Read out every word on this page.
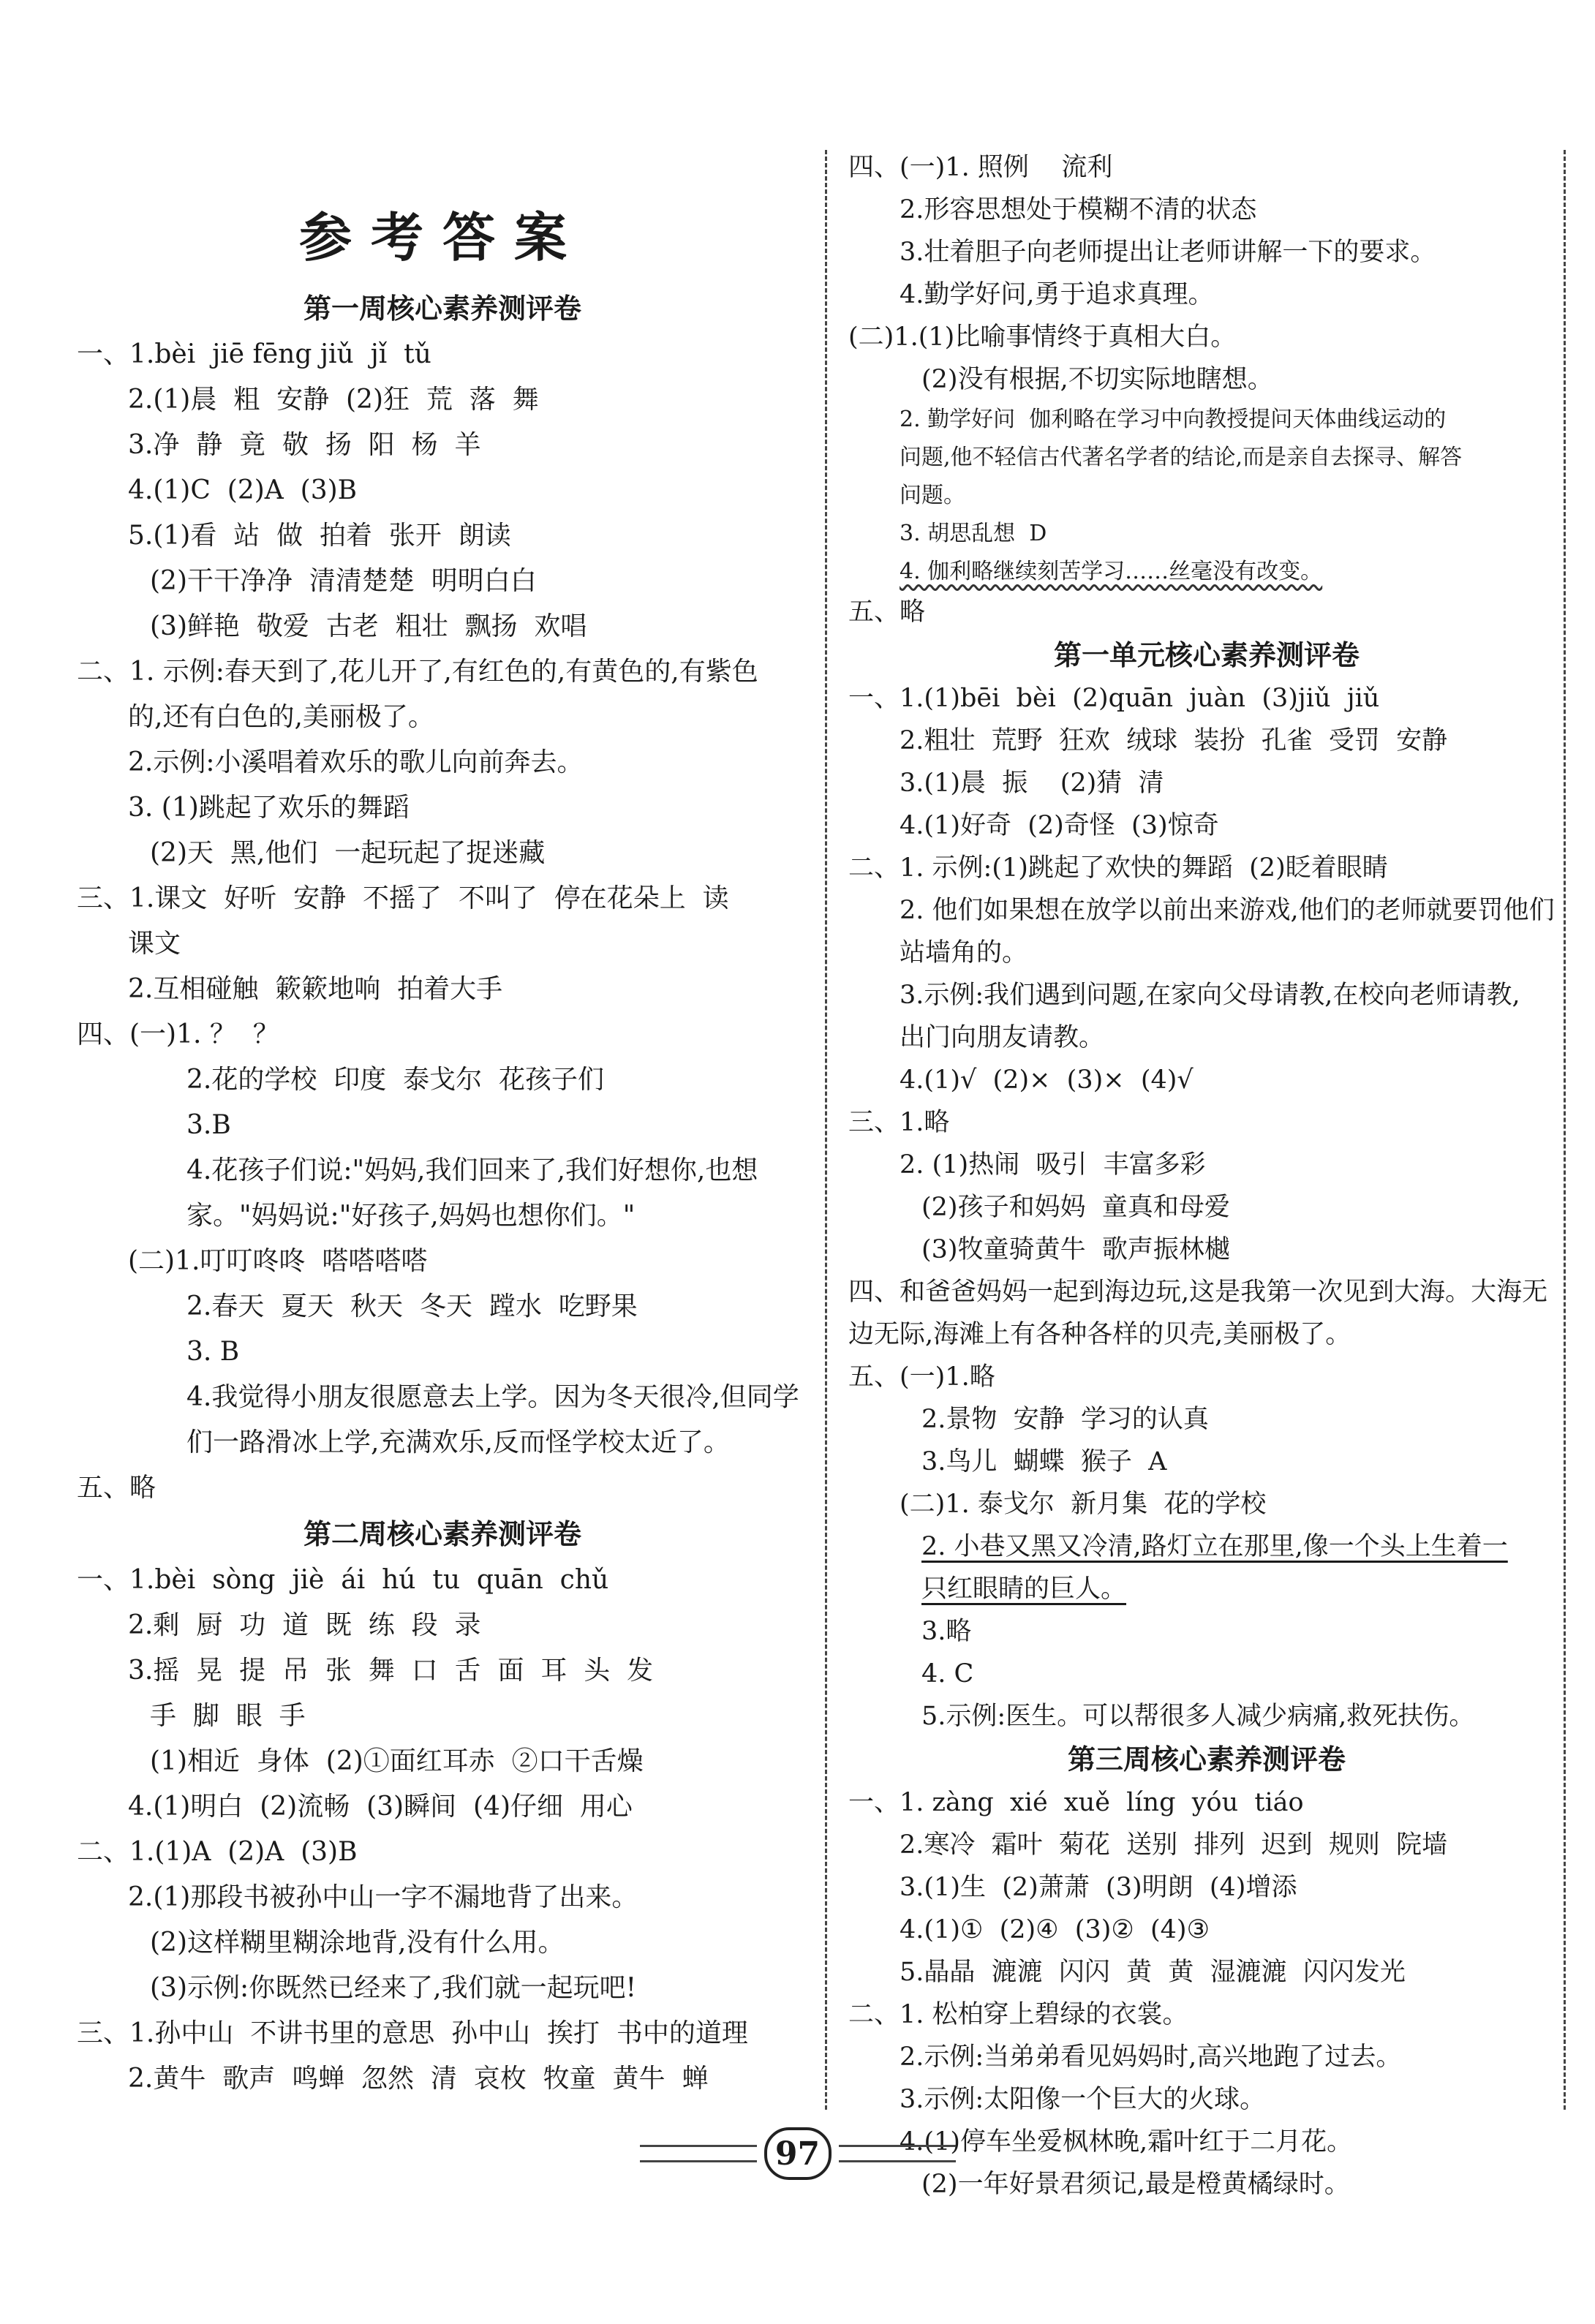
参考答案
第一周核心素养测评卷
一、1.bèi  jiē fēng jiǔ  jǐ  tǔ
2.(1)晨  粗  安静  (2)狂  荒  落  舞
3.净  静  竟  敬  扬  阳  杨  羊
4.(1)C  (2)A  (3)B
5.(1)看  站  做  拍着  张开  朗读
(2)干干净净  清清楚楚  明明白白
(3)鲜艳  敬爱  古老  粗壮  飘扬  欢唱
二、1. 示例:春天到了,花儿开了,有红色的,有黄色的,有紫色
的,还有白色的,美丽极了。
2.示例:小溪唱着欢乐的歌儿向前奔去。
3. (1)跳起了欢乐的舞蹈
(2)天  黑,他们  一起玩起了捉迷藏
三、1.课文  好听  安静  不摇了  不叫了  停在花朵上  读
课文
2.互相碰触  簌簌地响  拍着大手
四、(一)1. ？  ？
2.花的学校  印度  泰戈尔  花孩子们
3.B
4.花孩子们说:"妈妈,我们回来了,我们好想你,也想
家。"妈妈说:"好孩子,妈妈也想你们。"
(二)1.叮叮咚咚  嗒嗒嗒嗒
2.春天  夏天  秋天  冬天  蹚水  吃野果
3. B
4.我觉得小朋友很愿意去上学。因为冬天很冷,但同学
们一路滑冰上学,充满欢乐,反而怪学校太近了。
五、略
第二周核心素养测评卷
一、1.bèi  sòng  jiè  ái  hú  tu  quān  chǔ
2.剩  厨  功  道  既  练  段  录
3.摇  晃  提  吊  张  舞  口  舌  面  耳  头  发
手  脚  眼  手
(1)相近  身体  (2)①面红耳赤  ②口干舌燥
4.(1)明白  (2)流畅  (3)瞬间  (4)仔细  用心
二、1.(1)A  (2)A  (3)B
2.(1)那段书被孙中山一字不漏地背了出来。
(2)这样糊里糊涂地背,没有什么用。
(3)示例:你既然已经来了,我们就一起玩吧!
三、1.孙中山  不讲书里的意思  孙中山  挨打  书中的道理
2.黄牛  歌声  鸣蝉  忽然  清  哀枚  牧童  黄牛  蝉
四、(一)1. 照例    流利
2.形容思想处于模糊不清的状态
3.壮着胆子向老师提出让老师讲解一下的要求。
4.勤学好问,勇于追求真理。
(二)1.(1)比喻事情终于真相大白。
(2)没有根据,不切实际地瞎想。
2. 勤学好问  伽利略在学习中向教授提问天体曲线运动的
问题,他不轻信古代著名学者的结论,而是亲自去探寻、解答
问题。
3. 胡思乱想  D
4. 伽利略继续刻苦学习……丝毫没有改变。
五、略
第一单元核心素养测评卷
一、1.(1)bēi  bèi  (2)quān  juàn  (3)jiǔ  jiǔ
2.粗壮  荒野  狂欢  绒球  装扮  孔雀  受罚  安静
3.(1)晨  振    (2)猜  清
4.(1)好奇  (2)奇怪  (3)惊奇
二、1. 示例:(1)跳起了欢快的舞蹈  (2)眨着眼睛
2. 他们如果想在放学以前出来游戏,他们的老师就要罚他们
站墙角的。
3.示例:我们遇到问题,在家向父母请教,在校向老师请教,
出门向朋友请教。
4.(1)√  (2)×  (3)×  (4)√
三、1.略
2. (1)热闹  吸引  丰富多彩
(2)孩子和妈妈  童真和母爱
(3)牧童骑黄牛  歌声振林樾
四、和爸爸妈妈一起到海边玩,这是我第一次见到大海。大海无
边无际,海滩上有各种各样的贝壳,美丽极了。
五、(一)1.略
2.景物  安静  学习的认真
3.鸟儿  蝴蝶  猴子  A
(二)1. 泰戈尔  新月集  花的学校
2. 小巷又黑又冷清,路灯立在那里,像一个头上生着一
只红眼睛的巨人。
3.略
4. C
5.示例:医生。可以帮很多人减少病痛,救死扶伤。
第三周核心素养测评卷
一、1. zàng  xié  xuě  líng  yóu  tiáo
2.寒冷  霜叶  菊花  送别  排列  迟到  规则  院墙
3.(1)生  (2)萧萧  (3)明朗  (4)增添
4.(1)①  (2)④  (3)②  (4)③
5.晶晶  漉漉  闪闪  黄  黄  湿漉漉  闪闪发光
二、1. 松柏穿上碧绿的衣裳。
2.示例:当弟弟看见妈妈时,高兴地跑了过去。
3.示例:太阳像一个巨大的火球。
4.(1)停车坐爱枫林晚,霜叶红于二月花。
(2)一年好景君须记,最是橙黄橘绿时。
97
